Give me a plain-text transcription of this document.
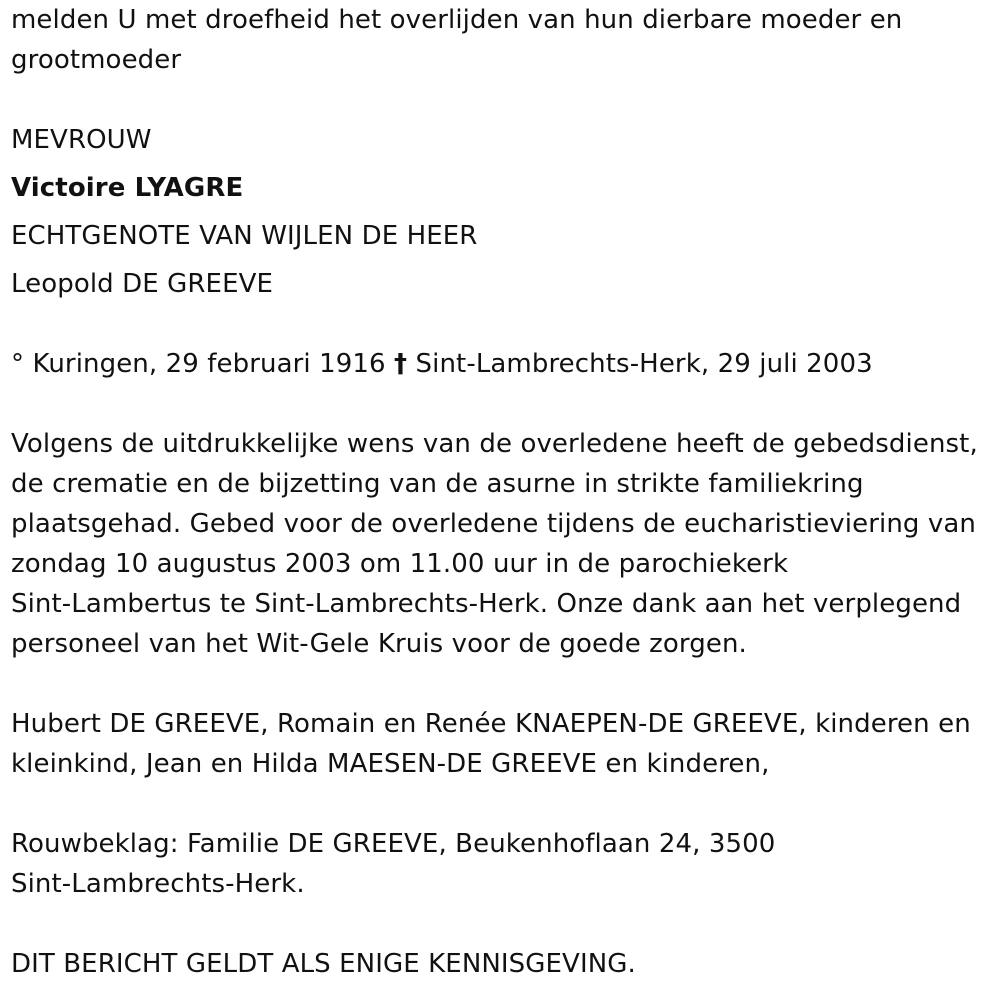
melden U met droefheid het overlijden van hun dierbare moeder en
grootmoeder
MEVROUW
Victoire LYAGRE
ECHTGENOTE VAN WIJLEN DE HEER
Leopold DE GREEVE
° Kuringen, 29 februari 1916 † Sint-Lambrechts-Herk, 29 juli 2003
Volgens de uitdrukkelijke wens van de overledene heeft de gebedsdienst,
de crematie en de bijzetting van de asurne in strikte familiekring
plaatsgehad. Gebed voor de overledene tijdens de eucharistieviering van
zondag 10 augustus 2003 om 11.00 uur in de parochiekerk
Sint-Lambertus te Sint-Lambrechts-Herk. Onze dank aan het verplegend
personeel van het Wit-Gele Kruis voor de goede zorgen.
Hubert DE GREEVE, Romain en Renée KNAEPEN-DE GREEVE, kinderen en
kleinkind, Jean en Hilda MAESEN-DE GREEVE en kinderen,
Rouwbeklag: Familie DE GREEVE, Beukenhoflaan 24, 3500
Sint-Lambrechts-Herk.
DIT BERICHT GELDT ALS ENIGE KENNISGEVING.
